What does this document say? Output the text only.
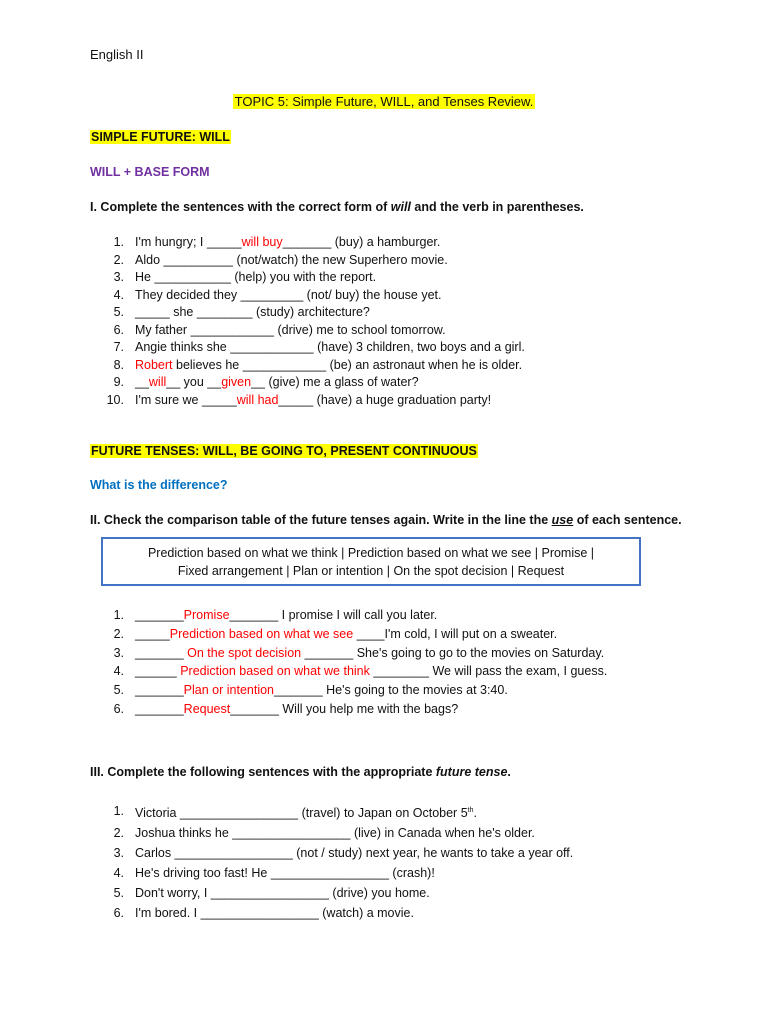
English II
TOPIC 5: Simple Future, WILL, and Tenses Review.
SIMPLE FUTURE: WILL
WILL + BASE FORM
I. Complete the sentences with the correct form of will and the verb in parentheses.
1. I'm hungry; I _____will buy_______ (buy) a hamburger.
2. Aldo __________ (not/watch) the new Superhero movie.
3. He ___________ (help) you with the report.
4. They decided they _________ (not/ buy) the house yet.
5. _____ she ________ (study) architecture?
6. My father ____________ (drive) me to school tomorrow.
7. Angie thinks she ____________ (have) 3 children, two boys and a girl.
8. Robert believes he ____________ (be) an astronaut when he is older.
9. __will__ you __given__ (give) me a glass of water?
10. I'm sure we _____will had_____ (have) a huge graduation party!
FUTURE TENSES: WILL, BE GOING TO, PRESENT CONTINUOUS
What is the difference?
II. Check the comparison table of the future tenses again. Write in the line the use of each sentence.
Prediction based on what we think | Prediction based on what we see | Promise |
Fixed arrangement | Plan or intention | On the spot decision | Request
1. _______Promise_______ I promise I will call you later.
2. _____Prediction based on what we see ____I'm cold, I will put on a sweater.
3. _______ On the spot decision _______ She's going to go to the movies on Saturday.
4. ______ Prediction based on what we think ________ We will pass the exam, I guess.
5. _______Plan or intention_______ He's going to the movies at 3:40.
6. _______Request_______ Will you help me with the bags?
III. Complete the following sentences with the appropriate future tense.
1. Victoria _________________ (travel) to Japan on October 5th.
2. Joshua thinks he _________________ (live) in Canada when he's older.
3. Carlos _________________ (not / study) next year, he wants to take a year off.
4. He's driving too fast! He _________________ (crash)!
5. Don't worry, I _________________ (drive) you home.
6. I'm bored. I _________________ (watch) a movie.
